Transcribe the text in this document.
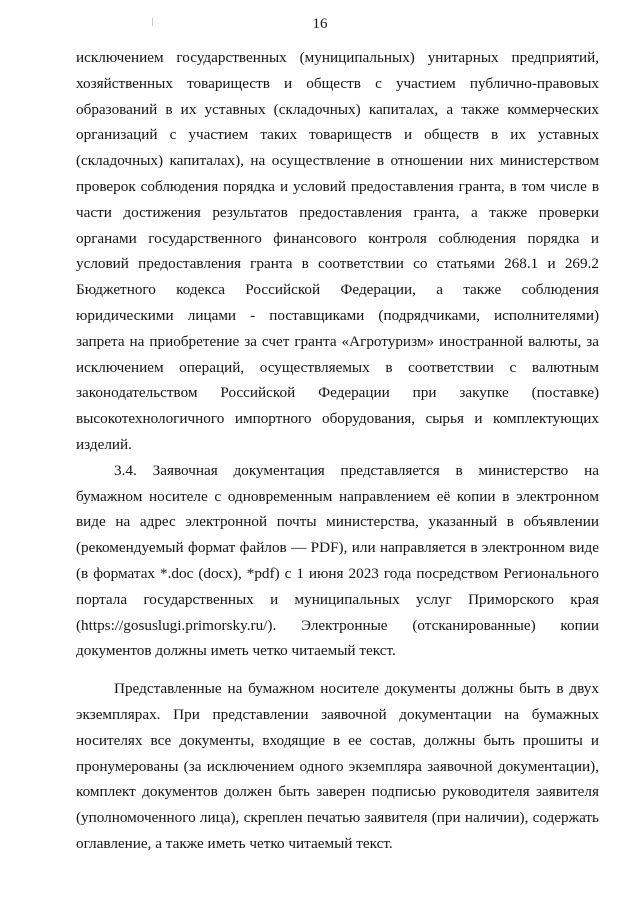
16
исключением государственных (муниципальных) унитарных предприятий,
хозяйственных товариществ и обществ с участием публично-правовых
образований в их уставных (складочных) капиталах, а также коммерческих
организаций с участием таких товариществ и обществ в их уставных
(складочных) капиталах), на осуществление в отношении них министерством
проверок соблюдения порядка и условий предоставления гранта, в том числе в
части достижения результатов предоставления гранта, а также проверки
органами государственного финансового контроля соблюдения порядка и
условий предоставления гранта в соответствии со статьями 268.1 и 269.2
Бюджетного кодекса Российской Федерации, а также соблюдения
юридическими лицами - поставщиками (подрядчиками, исполнителями)
запрета на приобретение за счет гранта «Агротуризм» иностранной валюты, за
исключением операций, осуществляемых в соответствии с валютным
законодательством Российской Федерации при закупке (поставке)
высокотехнологичного импортного оборудования, сырья и комплектующих
изделий.
3.4. Заявочная документация представляется в министерство на
бумажном носителе с одновременным направлением её копии в электронном
виде на адрес электронной почты министерства, указанный в объявлении
(рекомендуемый формат файлов — PDF), или направляется в электронном виде
(в форматах *.doc (docx), *pdf) с 1 июня 2023 года посредством Регионального
портала государственных и муниципальных услуг Приморского края
(https://gosuslugi.primorsky.ru/). Электронные (отсканированные) копии
документов должны иметь четко читаемый текст.
Представленные на бумажном носителе документы должны быть в двух
экземплярах. При представлении заявочной документации на бумажных
носителях все документы, входящие в ее состав, должны быть прошиты и
пронумерованы (за исключением одного экземпляра заявочной документации),
комплект документов должен быть заверен подписью руководителя заявителя
(уполномоченного лица), скреплен печатью заявителя (при наличии), содержать
оглавление, а также иметь четко читаемый текст.
